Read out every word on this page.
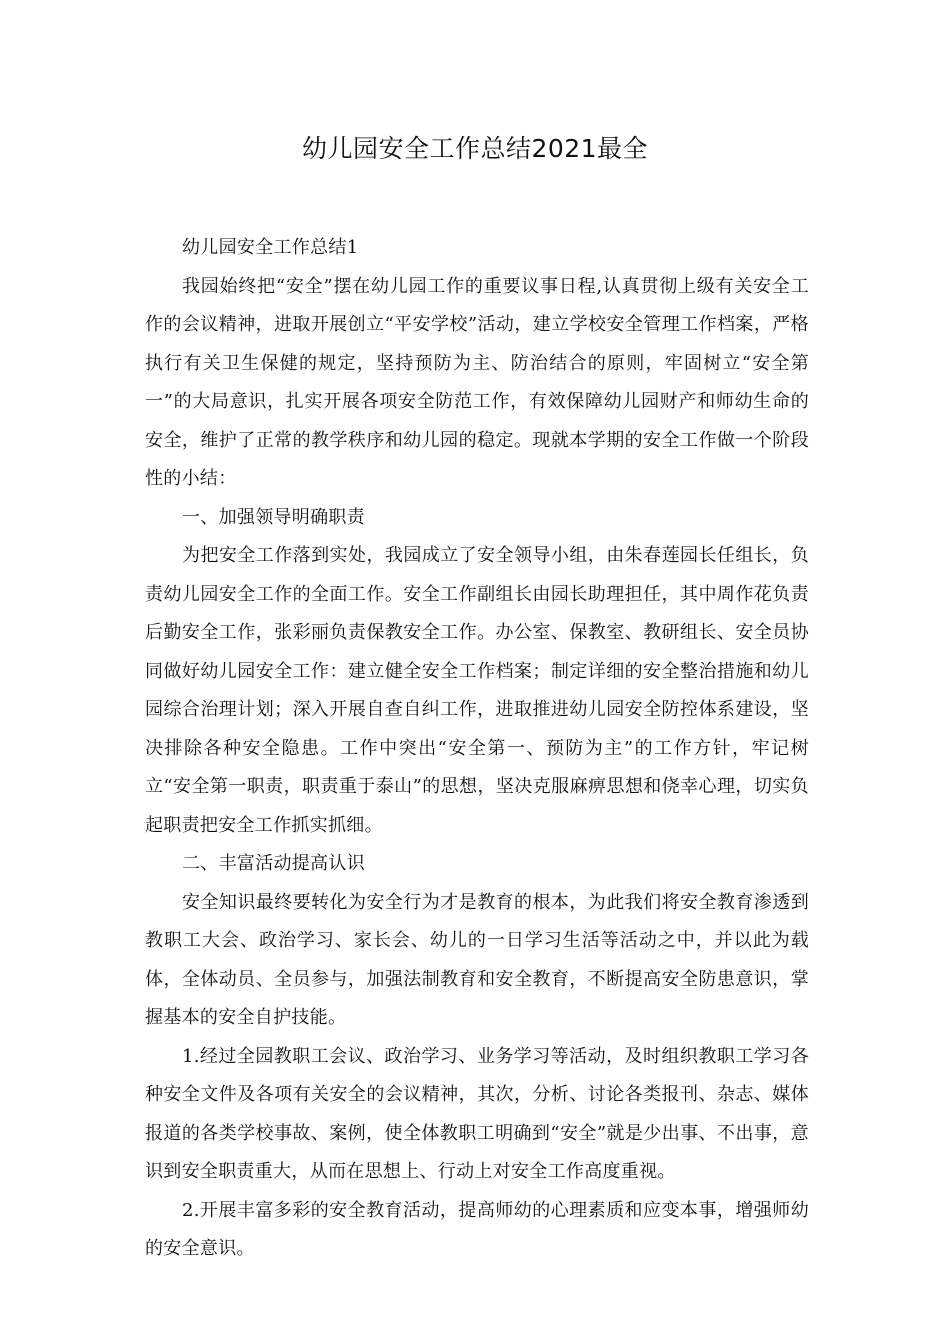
幼儿园安全工作总结2021最全

幼儿园安全工作总结1

我园始终把“安全”摆在幼儿园工作的重要议事日程,认真贯彻上级有关安全工作的会议精神，进取开展创立“平安学校”活动，建立学校安全管理工作档案，严格执行有关卫生保健的规定，坚持预防为主、防治结合的原则，牢固树立“安全第一”的大局意识，扎实开展各项安全防范工作，有效保障幼儿园财产和师幼生命的安全，维护了正常的教学秩序和幼儿园的稳定。现就本学期的安全工作做一个阶段性的小结：

一、加强领导明确职责

为把安全工作落到实处，我园成立了安全领导小组，由朱春莲园长任组长，负责幼儿园安全工作的全面工作。安全工作副组长由园长助理担任，其中周作花负责后勤安全工作，张彩丽负责保教安全工作。办公室、保教室、教研组长、安全员协同做好幼儿园安全工作：建立健全安全工作档案；制定详细的安全整治措施和幼儿园综合治理计划；深入开展自查自纠工作，进取推进幼儿园安全防控体系建设，坚决排除各种安全隐患。工作中突出“安全第一、预防为主”的工作方针，牢记树立“安全第一职责，职责重于泰山”的思想，坚决克服麻痹思想和侥幸心理，切实负起职责把安全工作抓实抓细。

二、丰富活动提高认识

安全知识最终要转化为安全行为才是教育的根本，为此我们将安全教育渗透到教职工大会、政治学习、家长会、幼儿的一日学习生活等活动之中，并以此为载体，全体动员、全员参与，加强法制教育和安全教育，不断提高安全防患意识，掌握基本的安全自护技能。

1.经过全园教职工会议、政治学习、业务学习等活动，及时组织教职工学习各种安全文件及各项有关安全的会议精神，其次，分析、讨论各类报刊、杂志、媒体报道的各类学校事故、案例，使全体教职工明确到“安全”就是少出事、不出事，意识到安全职责重大，从而在思想上、行动上对安全工作高度重视。

2.开展丰富多彩的安全教育活动，提高师幼的心理素质和应变本事，增强师幼的安全意识。
